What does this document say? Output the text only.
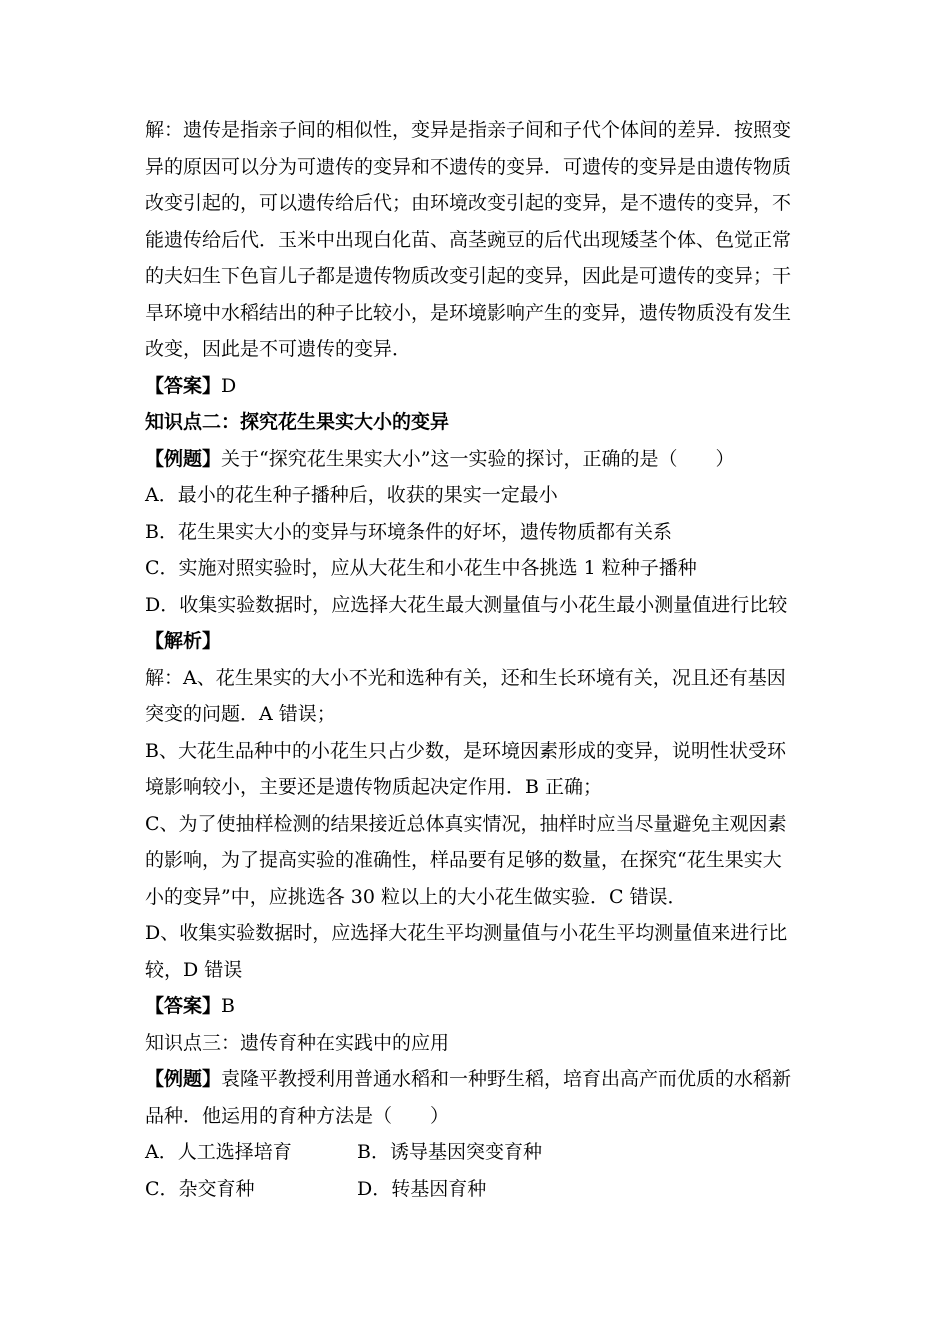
解：遗传是指亲子间的相似性，变异是指亲子间和子代个体间的差异．按照变

异的原因可以分为可遗传的变异和不遗传的变异．可遗传的变异是由遗传物质

改变引起的，可以遗传给后代；由环境改变引起的变异，是不遗传的变异，不

能遗传给后代．玉米中出现白化苗、高茎豌豆的后代出现矮茎个体、色觉正常

的夫妇生下色盲儿子都是遗传物质改变引起的变异，因此是可遗传的变异；干

旱环境中水稻结出的种子比较小，是环境影响产生的变异，遗传物质没有发生

改变，因此是不可遗传的变异．

【答案】D

知识点二：探究花生果实大小的变异

【例题】关于“探究花生果实大小”这一实验的探讨，正确的是（　　）

A．最小的花生种子播种后，收获的果实一定最小

B．花生果实大小的变异与环境条件的好坏，遗传物质都有关系

C．实施对照实验时，应从大花生和小花生中各挑选 1 粒种子播种

D．收集实验数据时，应选择大花生最大测量值与小花生最小测量值进行比较

【解析】

解：A、花生果实的大小不光和选种有关，还和生长环境有关，况且还有基因

突变的问题．A 错误；

B、大花生品种中的小花生只占少数，是环境因素形成的变异，说明性状受环

境影响较小，主要还是遗传物质起决定作用．B 正确；

C、为了使抽样检测的结果接近总体真实情况，抽样时应当尽量避免主观因素

的影响，为了提高实验的准确性，样品要有足够的数量，在探究“花生果实大

小的变异”中，应挑选各 30 粒以上的大小花生做实验．C 错误．

D、收集实验数据时，应选择大花生平均测量值与小花生平均测量值来进行比

较，D 错误

【答案】B

知识点三：遗传育种在实践中的应用

【例题】袁隆平教授利用普通水稻和一种野生稻，培育出高产而优质的水稻新

品种．他运用的育种方法是（　　）

A．人工选择培育	B．诱导基因突变育种
C．杂交育种	D．转基因育种
